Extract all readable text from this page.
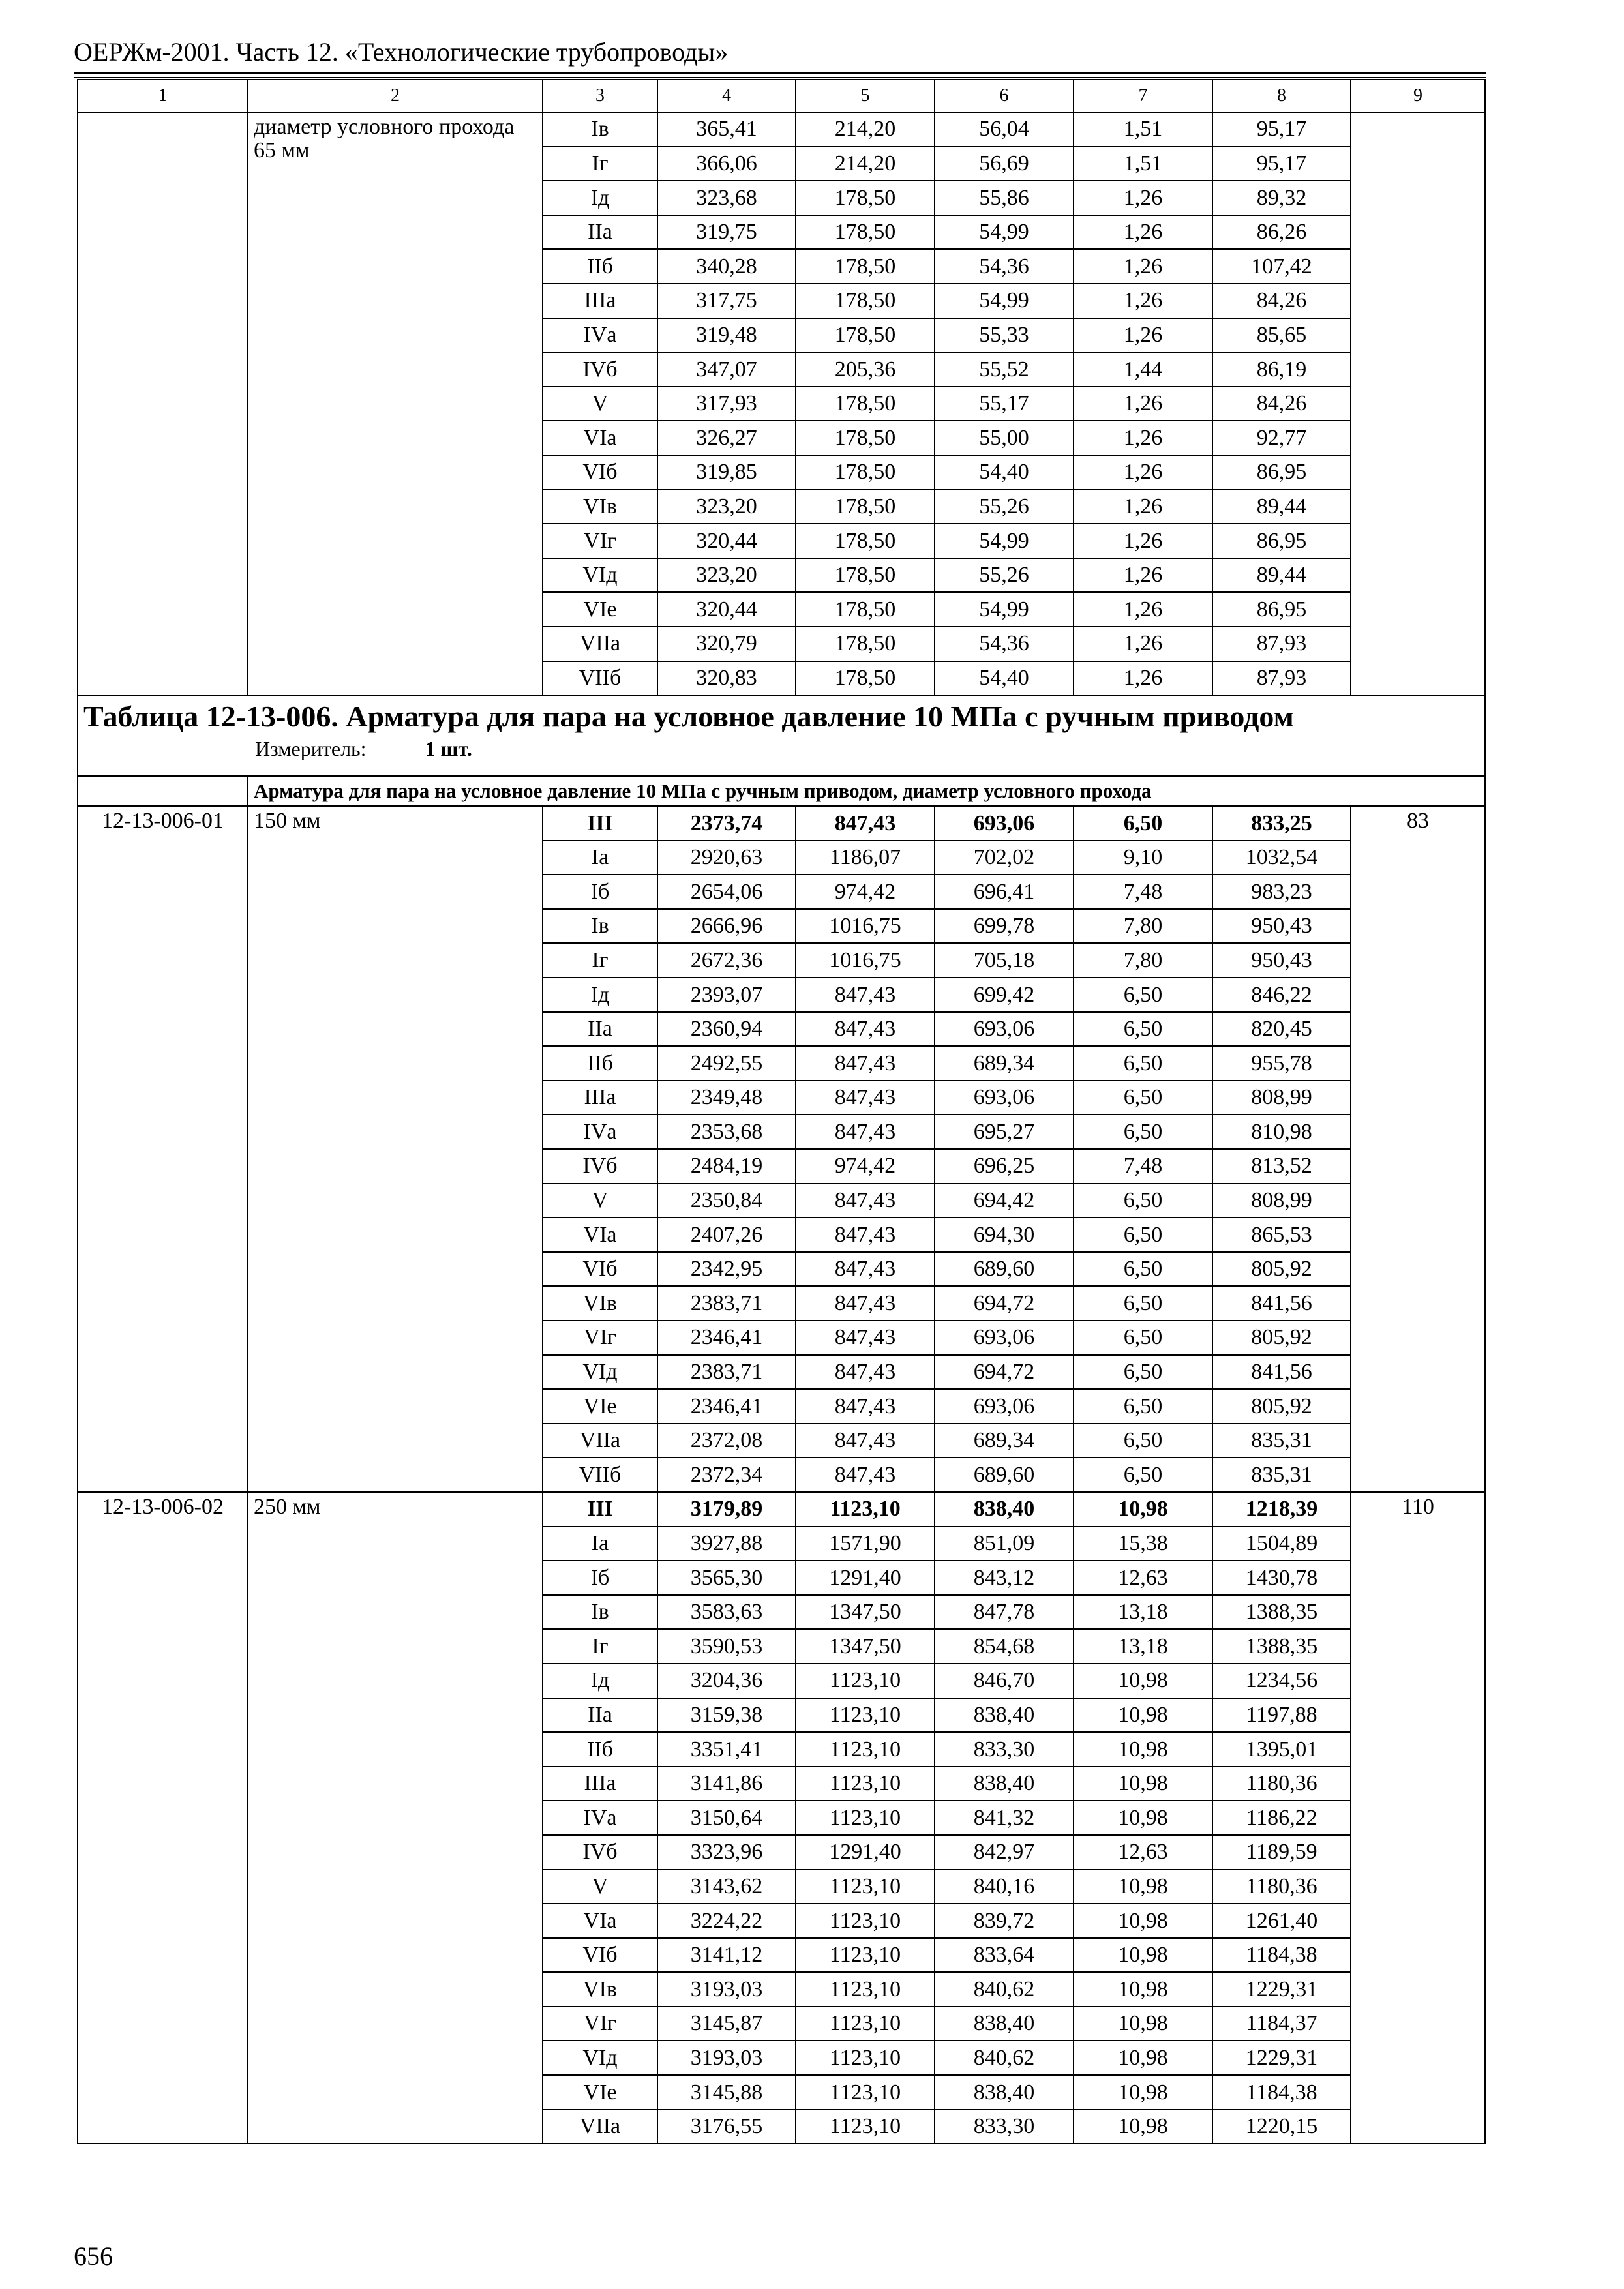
ОЕРЖм-2001. Часть 12. «Технологические трубопроводы»
1	2	3	4	5	6	7	8	9
	диаметр условного прохода 65 мм	Iв	365,41	214,20	56,04	1,51	95,17	
		Iг	366,06	214,20	56,69	1,51	95,17	
		Iд	323,68	178,50	55,86	1,26	89,32	
		IIа	319,75	178,50	54,99	1,26	86,26	
		IIб	340,28	178,50	54,36	1,26	107,42	
		IIIа	317,75	178,50	54,99	1,26	84,26	
		IVа	319,48	178,50	55,33	1,26	85,65	
		IVб	347,07	205,36	55,52	1,44	86,19	
		V	317,93	178,50	55,17	1,26	84,26	
		VIа	326,27	178,50	55,00	1,26	92,77	
		VIб	319,85	178,50	54,40	1,26	86,95	
		VIв	323,20	178,50	55,26	1,26	89,44	
		VIг	320,44	178,50	54,99	1,26	86,95	
		VIд	323,20	178,50	55,26	1,26	89,44	
		VIе	320,44	178,50	54,99	1,26	86,95	
		VIIа	320,79	178,50	54,36	1,26	87,93	
		VIIб	320,83	178,50	54,40	1,26	87,93	

Таблица 12-13-006. Арматура для пара на условное давление 10 МПа с ручным приводом
Измеритель: 1 шт.								

	Арматура для пара на условное давление 10 МПа с ручным приводом, диаметр условного прохода							
12-13-006-01	150 мм	III	2373,74	847,43	693,06	6,50	833,25	83
		Iа	2920,63	1186,07	702,02	9,10	1032,54	
		Iб	2654,06	974,42	696,41	7,48	983,23	
		Iв	2666,96	1016,75	699,78	7,80	950,43	
		Iг	2672,36	1016,75	705,18	7,80	950,43	
		Iд	2393,07	847,43	699,42	6,50	846,22	
		IIа	2360,94	847,43	693,06	6,50	820,45	
		IIб	2492,55	847,43	689,34	6,50	955,78	
		IIIа	2349,48	847,43	693,06	6,50	808,99	
		IVа	2353,68	847,43	695,27	6,50	810,98	
		IVб	2484,19	974,42	696,25	7,48	813,52	
		V	2350,84	847,43	694,42	6,50	808,99	
		VIа	2407,26	847,43	694,30	6,50	865,53	
		VIб	2342,95	847,43	689,60	6,50	805,92	
		VIв	2383,71	847,43	694,72	6,50	841,56	
		VIг	2346,41	847,43	693,06	6,50	805,92	
		VIд	2383,71	847,43	694,72	6,50	841,56	
		VIе	2346,41	847,43	693,06	6,50	805,92	
		VIIа	2372,08	847,43	689,34	6,50	835,31	
		VIIб	2372,34	847,43	689,60	6,50	835,31	
12-13-006-02	250 мм	III	3179,89	1123,10	838,40	10,98	1218,39	110
		Iа	3927,88	1571,90	851,09	15,38	1504,89	
		Iб	3565,30	1291,40	843,12	12,63	1430,78	
		Iв	3583,63	1347,50	847,78	13,18	1388,35	
		Iг	3590,53	1347,50	854,68	13,18	1388,35	
		Iд	3204,36	1123,10	846,70	10,98	1234,56	
		IIа	3159,38	1123,10	838,40	10,98	1197,88	
		IIб	3351,41	1123,10	833,30	10,98	1395,01	
		IIIа	3141,86	1123,10	838,40	10,98	1180,36	
		IVа	3150,64	1123,10	841,32	10,98	1186,22	
		IVб	3323,96	1291,40	842,97	12,63	1189,59	
		V	3143,62	1123,10	840,16	10,98	1180,36	
		VIа	3224,22	1123,10	839,72	10,98	1261,40	
		VIб	3141,12	1123,10	833,64	10,98	1184,38	
		VIв	3193,03	1123,10	840,62	10,98	1229,31	
		VIг	3145,87	1123,10	838,40	10,98	1184,37	
		VIд	3193,03	1123,10	840,62	10,98	1229,31	
		VIе	3145,88	1123,10	838,40	10,98	1184,38	
		VIIа	3176,55	1123,10	833,30	10,98	1220,15	
656
